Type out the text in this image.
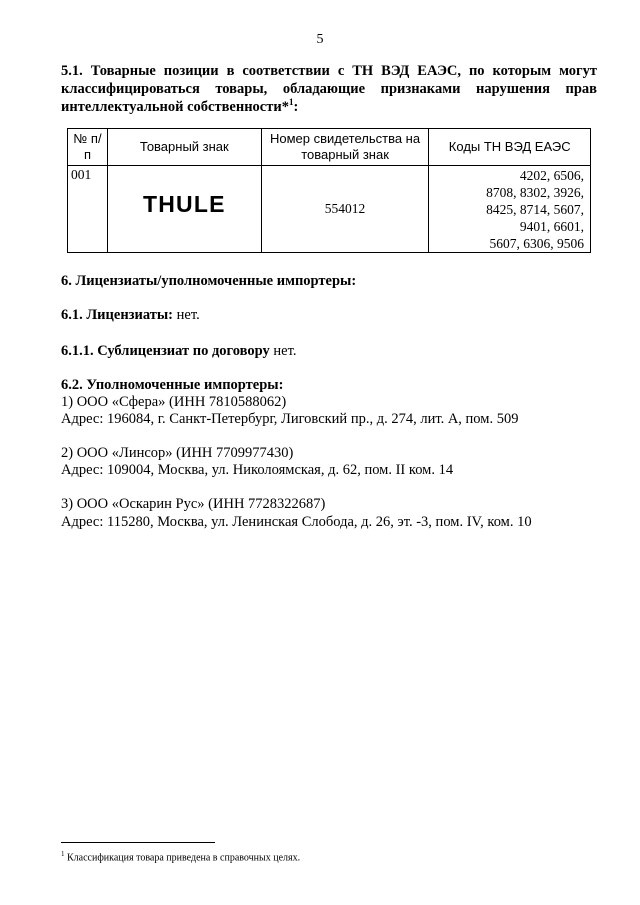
5
5.1. Товарные позиции в соответствии с ТН ВЭД ЕАЭС, по которым могут классифицироваться товары, обладающие признаками нарушения прав интеллектуальной собственности*$^1$:
№ п/п	Товарный знак	Номер свидетельства на товарный знак	Коды ТН ВЭД ЕАЭС
001	THULE	554012	4202, 6506,
8708, 8302, 3926,
8425, 8714, 5607,
9401, 6601,
5607, 6306, 9506
6. Лицензиаты/уполномоченные импортеры:
6.1. Лицензиаты: нет.
6.1.1. Сублицензиат по договору нет.
6.2. Уполномоченные импортеры:
1) ООО «Сфера» (ИНН 7810588062)
Адрес: 196084, г. Санкт-Петербург, Лиговский пр., д. 274, лит. А, пом. 509
2) ООО «Линсор» (ИНН 7709977430)
Адрес: 109004, Москва, ул. Николоямская, д. 62, пом. II ком. 14
3) ООО «Оскарин Рус» (ИНН 7728322687)
Адрес: 115280, Москва, ул. Ленинская Слобода, д. 26, эт. -3, пом. IV, ком. 10
$^1$ Классификация товара приведена в справочных целях.
